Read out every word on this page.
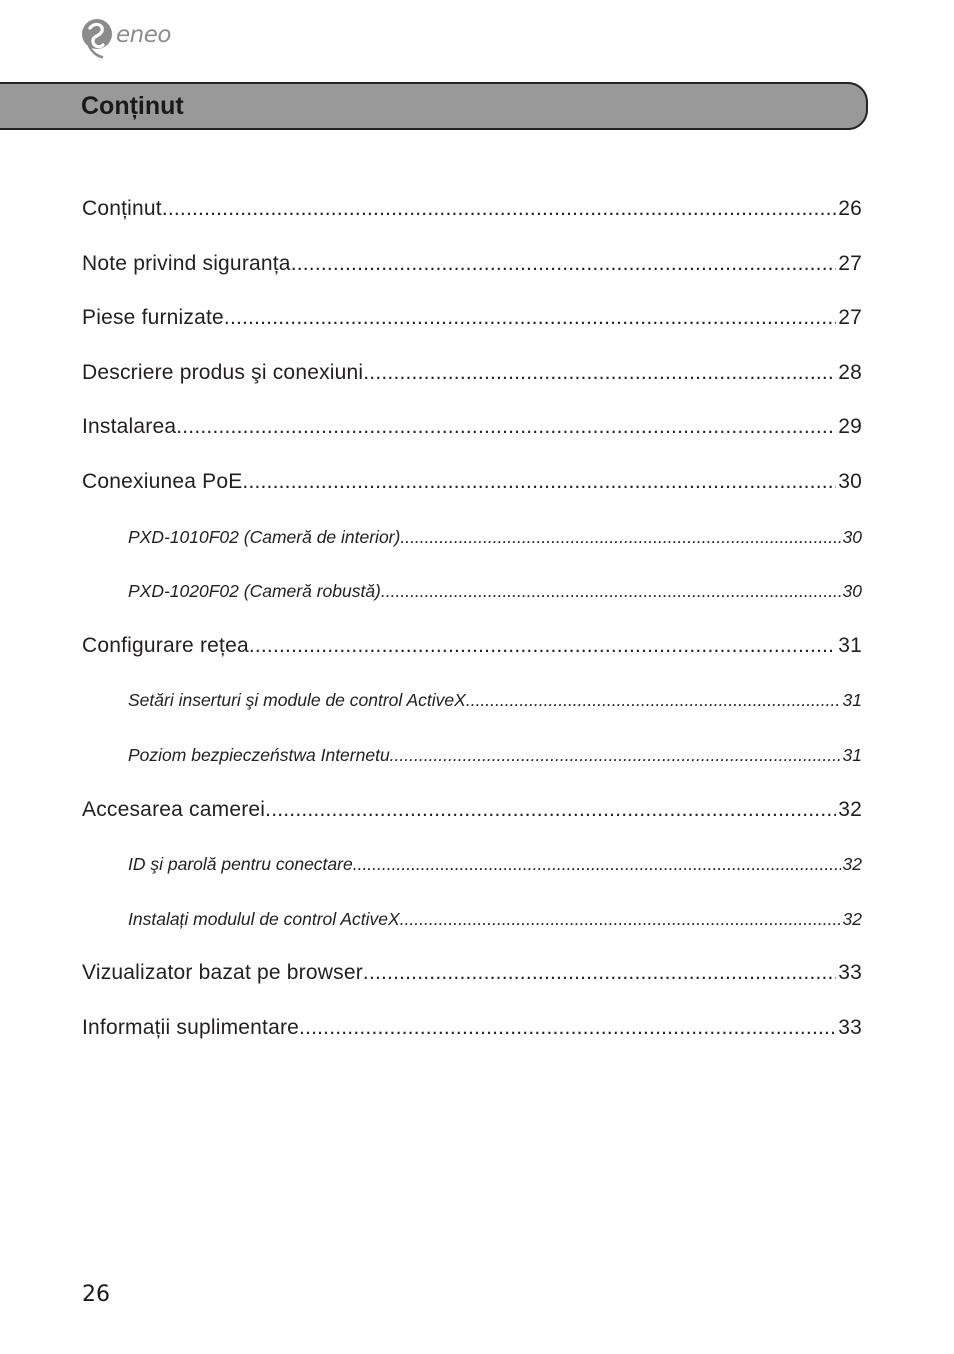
eneo
Conținut
Conținut .....	26
Note privind siguranța .....	27
Piese furnizate .....	27
Descriere produs şi conexiuni .....	28
Instalarea .....	29
Conexiunea PoE .....	30
PXD-1010F02 (Cameră de interior) .....	30
PXD-1020F02 (Cameră robustă) .....	30
Configurare rețea .....	31
Setări inserturi şi module de control ActiveX .....	31
Poziom bezpieczeństwa Internetu .....	31
Accesarea camerei .....	32
ID şi parolă pentru conectare .....	32
Instalați modulul de control ActiveX .....	32
Vizualizator bazat pe browser .....	33
Informații suplimentare .....	33
26
